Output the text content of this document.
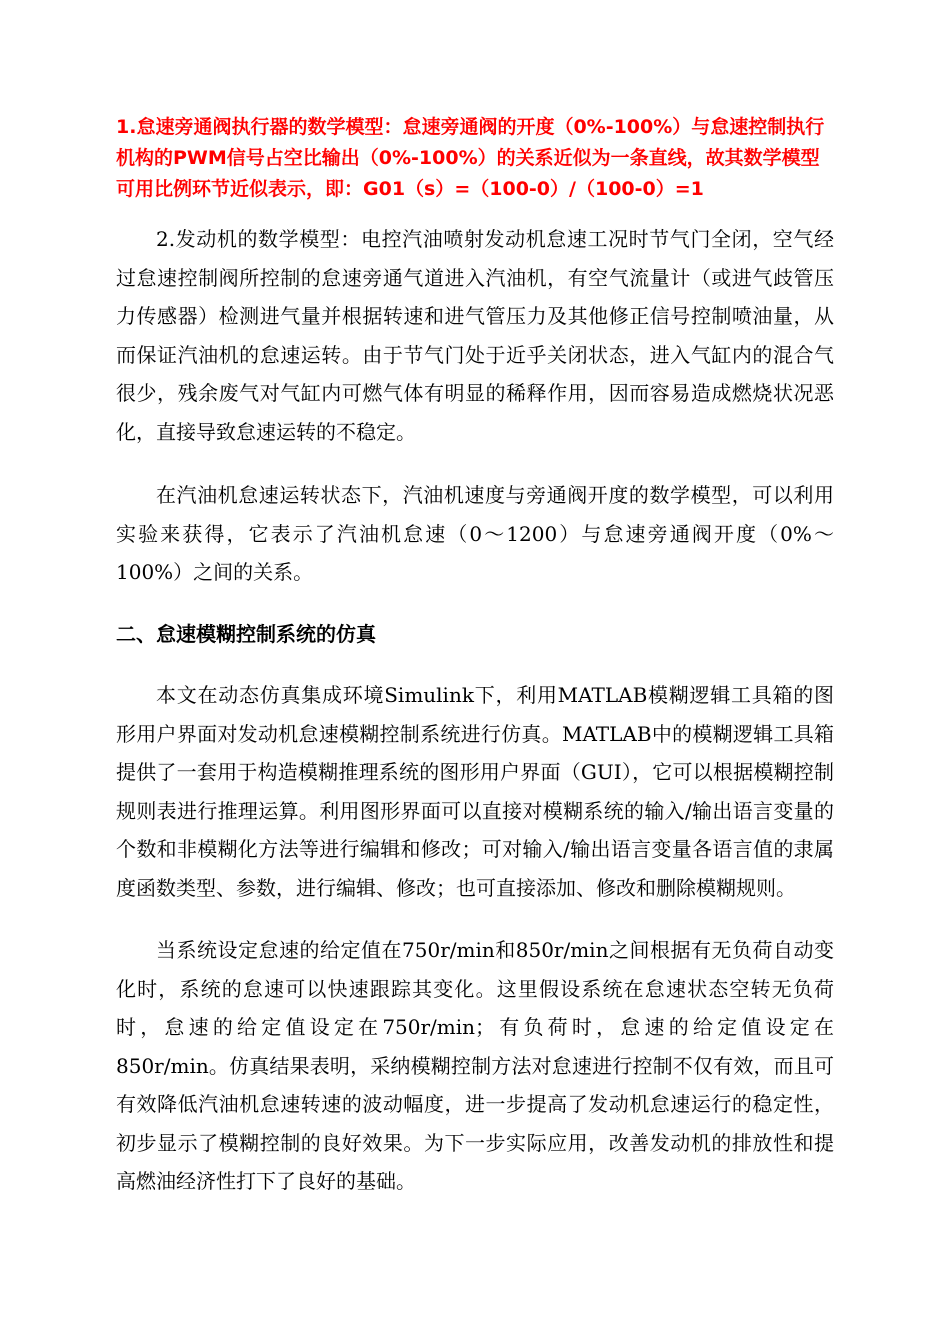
1.怠速旁通阀执行器的数学模型：怠速旁通阀的开度（0%-100%）与怠速控制执行机构的PWM信号占空比输出（0%-100%）的关系近似为一条直线，故其数学模型可用比例环节近似表示，即：G01（s）=（100-0）/（100-0）=1

2.发动机的数学模型：电控汽油喷射发动机怠速工况时节气门全闭，空气经过怠速控制阀所控制的怠速旁通气道进入汽油机，有空气流量计（或进气歧管压力传感器）检测进气量并根据转速和进气管压力及其他修正信号控制喷油量，从而保证汽油机的怠速运转。由于节气门处于近乎关闭状态，进入气缸内的混合气很少，残余废气对气缸内可燃气体有明显的稀释作用，因而容易造成燃烧状况恶化，直接导致怠速运转的不稳定。

在汽油机怠速运转状态下，汽油机速度与旁通阀开度的数学模型，可以利用实验来获得，它表示了汽油机怠速（0～1200）与怠速旁通阀开度（0%～100%）之间的关系。

二、怠速模糊控制系统的仿真

本文在动态仿真集成环境Simulink下，利用MATLAB模糊逻辑工具箱的图形用户界面对发动机怠速模糊控制系统进行仿真。MATLAB中的模糊逻辑工具箱提供了一套用于构造模糊推理系统的图形用户界面（GUI），它可以根据模糊控制规则表进行推理运算。利用图形界面可以直接对模糊系统的输入/输出语言变量的个数和非模糊化方法等进行编辑和修改；可对输入/输出语言变量各语言值的隶属度函数类型、参数，进行编辑、修改；也可直接添加、修改和删除模糊规则。

当系统设定怠速的给定值在750r/min和850r/min之间根据有无负荷自动变化时，系统的怠速可以快速跟踪其变化。这里假设系统在怠速状态空转无负荷时，怠速的给定值设定在750r/min；有负荷时，怠速的给定值设定在850r/min。仿真结果表明，采纳模糊控制方法对怠速进行控制不仅有效，而且可有效降低汽油机怠速转速的波动幅度，进一步提高了发动机怠速运行的稳定性，初步显示了模糊控制的良好效果。为下一步实际应用，改善发动机的排放性和提高燃油经济性打下了良好的基础。
